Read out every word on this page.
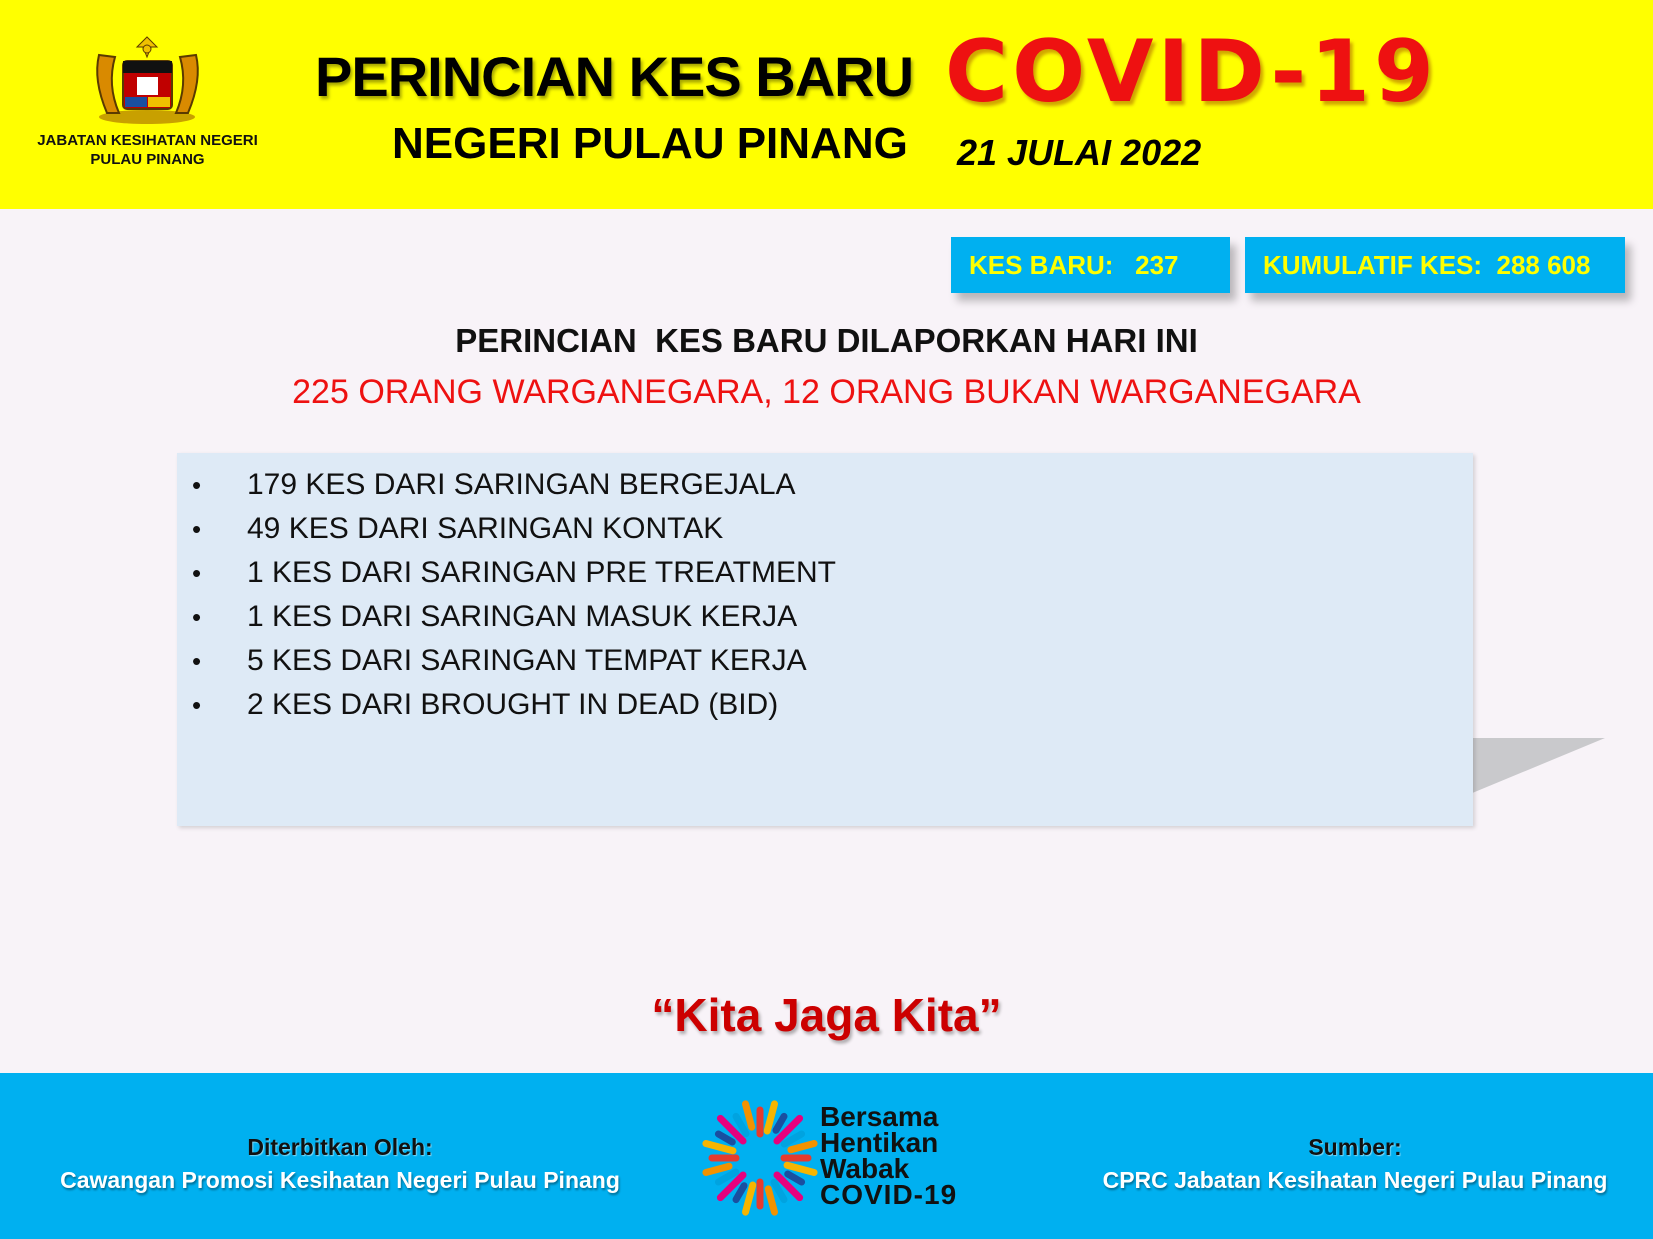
JABATAN KESIHATAN NEGERI PULAU PINANG
PERINCIAN KES BARU COVID-19
NEGERI PULAU PINANG 21 JULAI 2022
KES BARU:   237	KUMULATIF KES:  288 608
PERINCIAN  KES BARU DILAPORKAN HARI INI
225 ORANG WARGANEGARA, 12 ORANG BUKAN WARGANEGARA
• 179 KES DARI SARINGAN BERGEJALA
• 49 KES DARI SARINGAN KONTAK
• 1 KES DARI SARINGAN PRE TREATMENT
• 1 KES DARI SARINGAN MASUK KERJA
• 5 KES DARI SARINGAN TEMPAT KERJA
• 2 KES DARI BROUGHT IN DEAD (BID)
“Kita Jaga Kita”
Diterbitkan Oleh:
Cawangan Promosi Kesihatan Negeri Pulau Pinang
Bersama
Hentikan
Wabak
COVID-19
Sumber:
CPRC Jabatan Kesihatan Negeri Pulau Pinang
